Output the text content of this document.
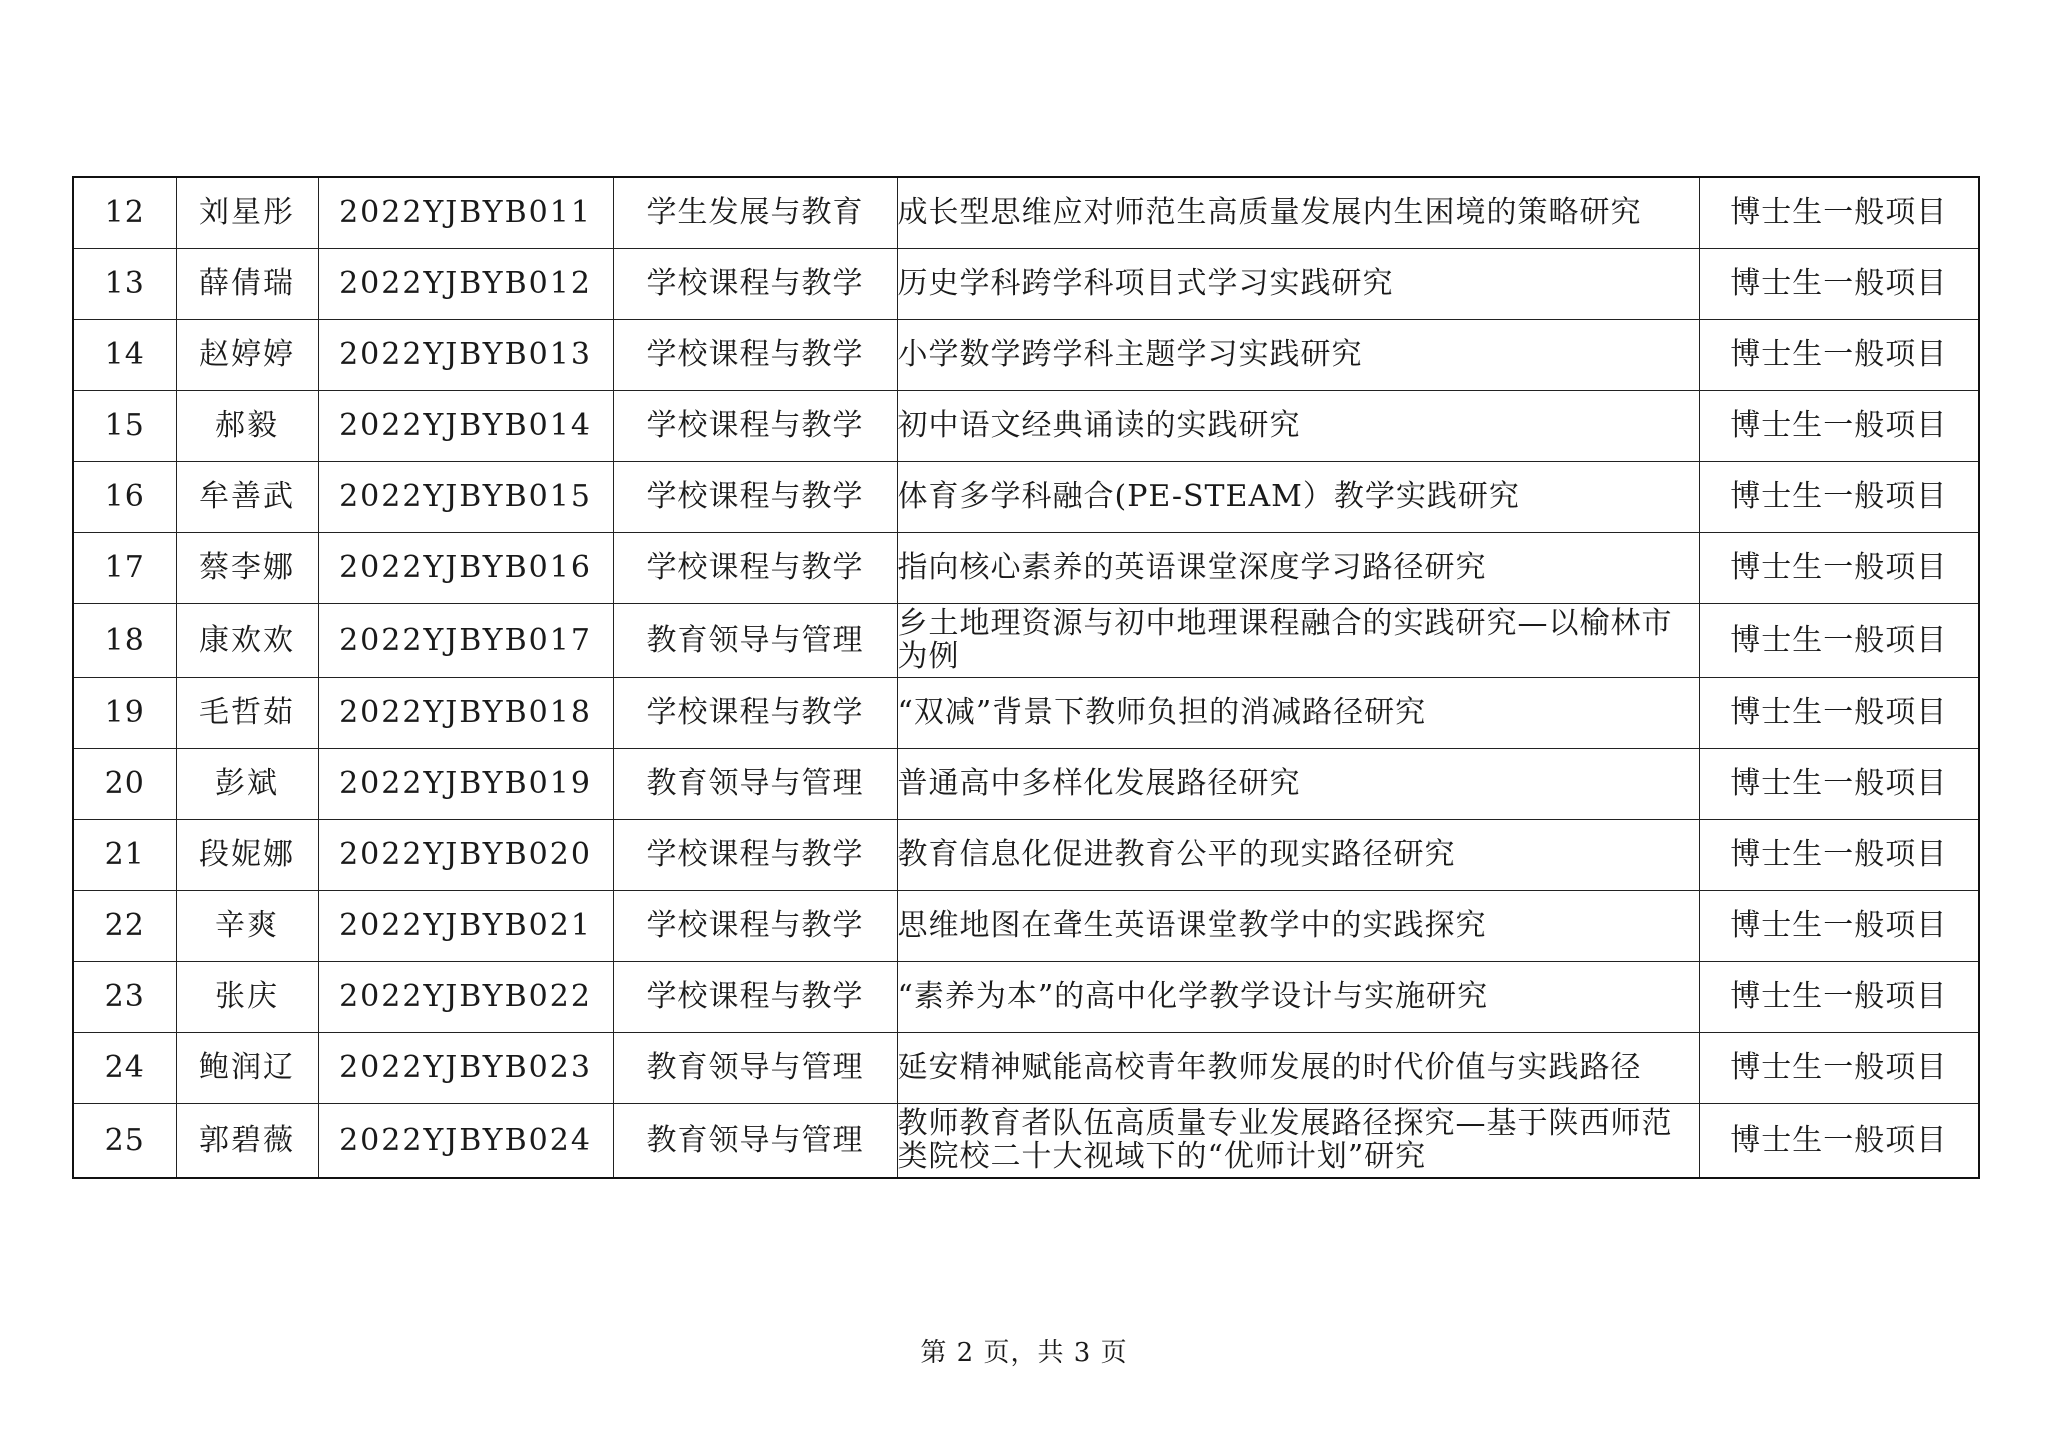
12	刘星彤	2022YJBYB011	学生发展与教育	成长型思维应对师范生高质量发展内生困境的策略研究	博士生一般项目
13	薛倩瑞	2022YJBYB012	学校课程与教学	历史学科跨学科项目式学习实践研究	博士生一般项目
14	赵婷婷	2022YJBYB013	学校课程与教学	小学数学跨学科主题学习实践研究	博士生一般项目
15	郝毅	2022YJBYB014	学校课程与教学	初中语文经典诵读的实践研究	博士生一般项目
16	牟善武	2022YJBYB015	学校课程与教学	体育多学科融合(PE-STEAM）教学实践研究	博士生一般项目
17	蔡李娜	2022YJBYB016	学校课程与教学	指向核心素养的英语课堂深度学习路径研究	博士生一般项目
18	康欢欢	2022YJBYB017	教育领导与管理	乡土地理资源与初中地理课程融合的实践研究—以榆林市为例	博士生一般项目
19	毛哲茹	2022YJBYB018	学校课程与教学	“双减”背景下教师负担的消减路径研究	博士生一般项目
20	彭斌	2022YJBYB019	教育领导与管理	普通高中多样化发展路径研究	博士生一般项目
21	段妮娜	2022YJBYB020	学校课程与教学	教育信息化促进教育公平的现实路径研究	博士生一般项目
22	辛爽	2022YJBYB021	学校课程与教学	思维地图在聋生英语课堂教学中的实践探究	博士生一般项目
23	张庆	2022YJBYB022	学校课程与教学	“素养为本”的高中化学教学设计与实施研究	博士生一般项目
24	鲍润辽	2022YJBYB023	教育领导与管理	延安精神赋能高校青年教师发展的时代价值与实践路径	博士生一般项目
25	郭碧薇	2022YJBYB024	教育领导与管理	教师教育者队伍高质量专业发展路径探究—基于陕西师范类院校二十大视域下的“优师计划”研究	博士生一般项目
第 2 页，共 3 页
